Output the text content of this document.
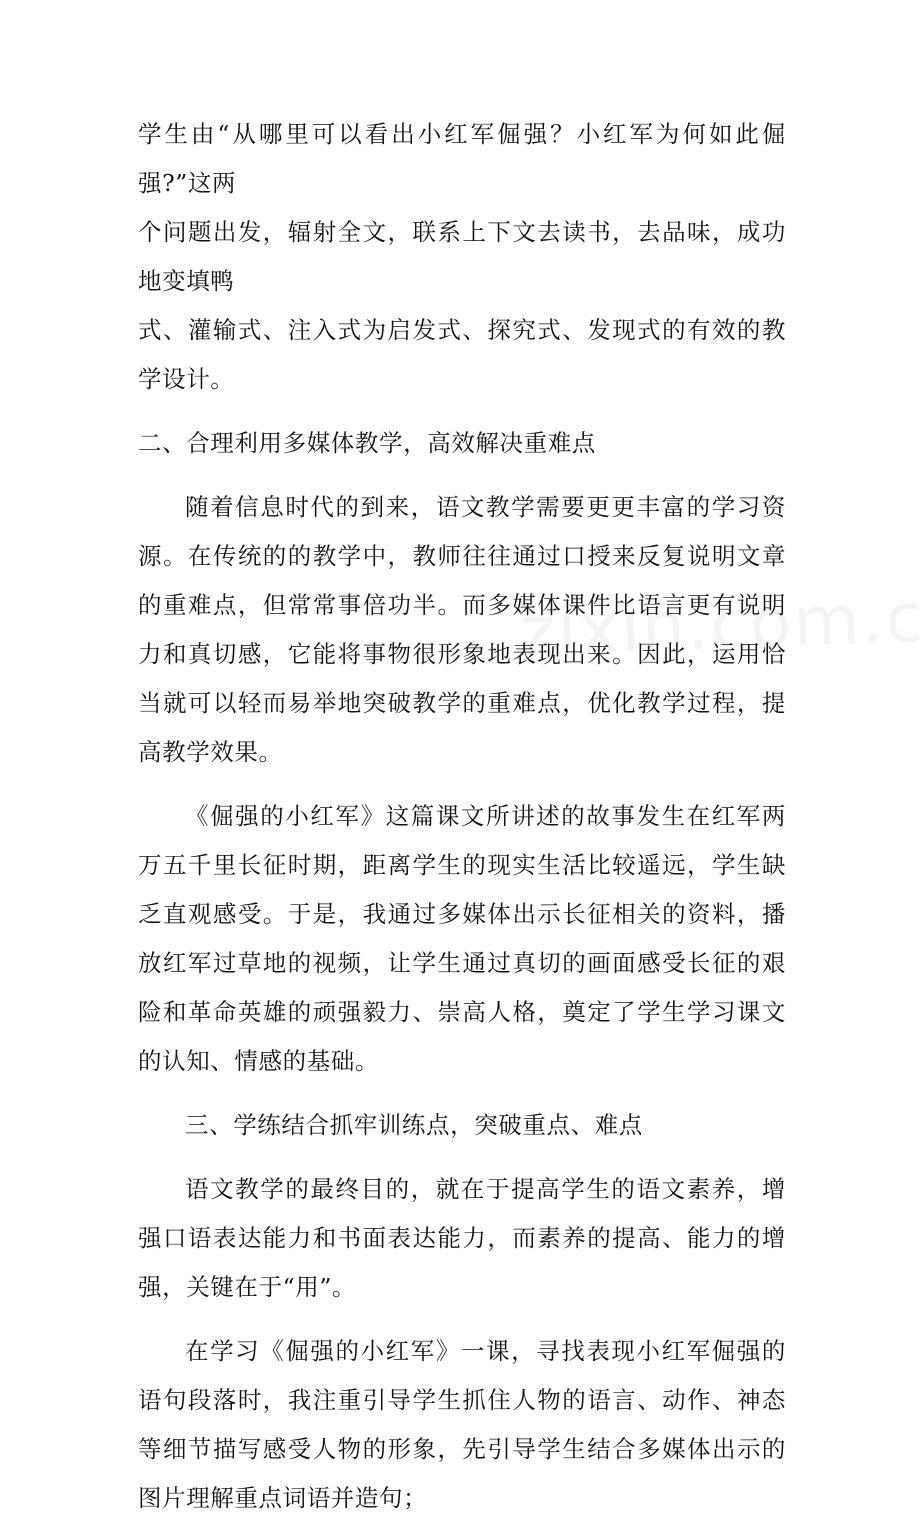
学生由“从哪里可以看出小红军倔强？小红军为何如此倔强?”这两
个问题出发，辐射全文，联系上下文去读书，去品味，成功地变填鸭
式、灌输式、注入式为启发式、探究式、发现式的有效的教学设计。

二、合理利用多媒体教学，高效解决重难点

随着信息时代的到来，语文教学需要更更丰富的学习资源。在传统的的教学中，教师往往通过口授来反复说明文章的重难点，但常常事倍功半。而多媒体课件比语言更有说明力和真切感，它能将事物很形象地表现出来。因此，运用恰当就可以轻而易举地突破教学的重难点，优化教学过程，提高教学效果。

《倔强的小红军》这篇课文所讲述的故事发生在红军两万五千里长征时期，距离学生的现实生活比较遥远，学生缺乏直观感受。于是，我通过多媒体出示长征相关的资料，播放红军过草地的视频，让学生通过真切的画面感受长征的艰险和革命英雄的顽强毅力、崇高人格，奠定了学生学习课文的认知、情感的基础。

三、学练结合抓牢训练点，突破重点、难点

语文教学的最终目的，就在于提高学生的语文素养，增强口语表达能力和书面表达能力，而素养的提高、能力的增强，关键在于“用”。

在学习《倔强的小红军》一课，寻找表现小红军倔强的语句段落时，我注重引导学生抓住人物的语言、动作、神态等细节描写感受人物的形象，先引导学生结合多媒体出示的图片理解重点词语并造句；
